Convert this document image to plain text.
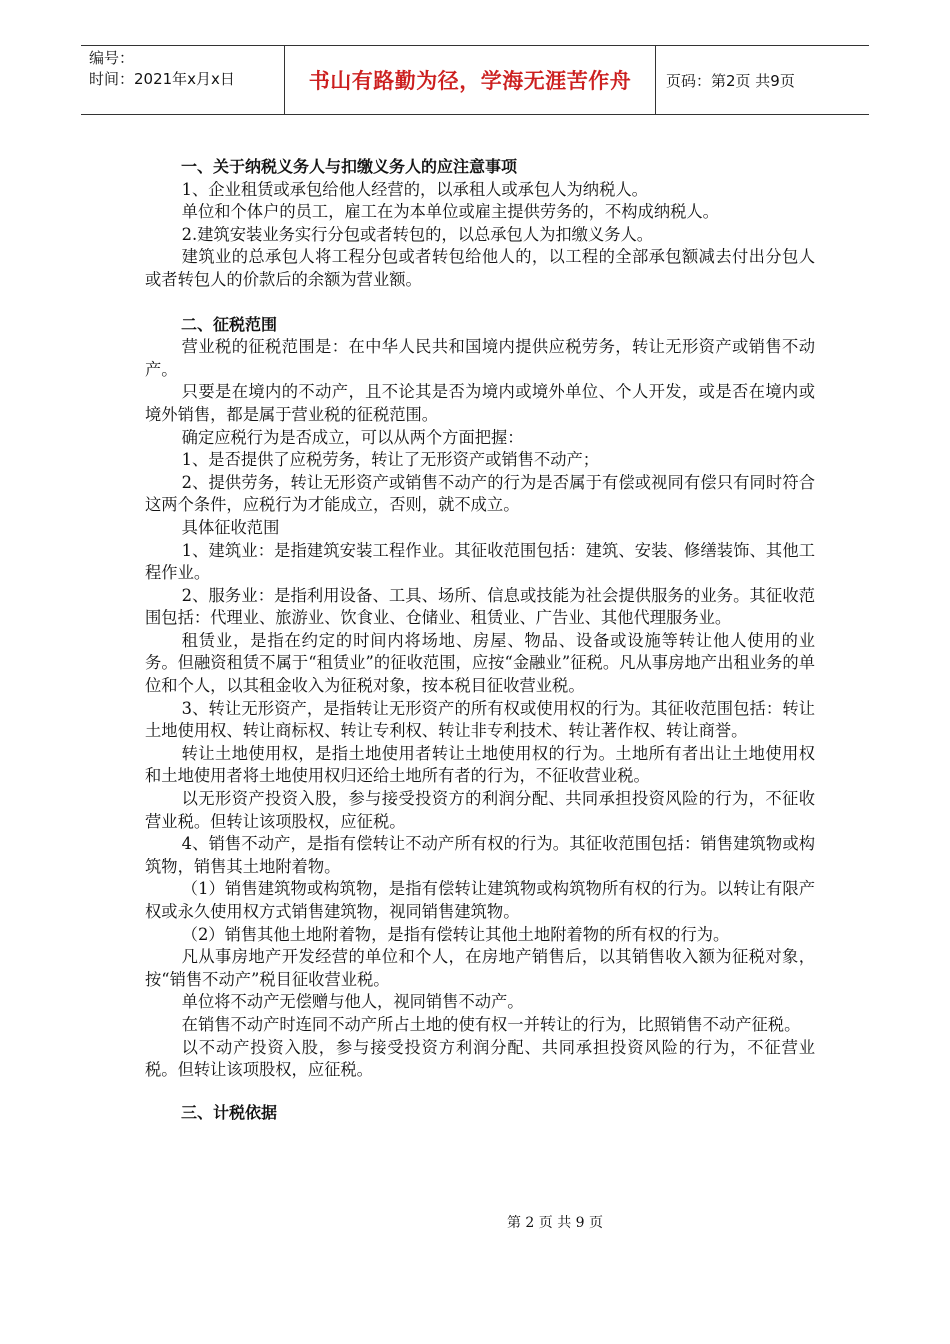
编号：
时间：2021年x月x日	书山有路勤为径，学海无涯苦作舟	页码：第2页 共9页

一、关于纳税义务人与扣缴义务人的应注意事项

1、企业租赁或承包给他人经营的，以承租人或承包人为纳税人。

单位和个体户的员工，雇工在为本单位或雇主提供劳务的，不构成纳税人。

2.建筑安装业务实行分包或者转包的，以总承包人为扣缴义务人。

建筑业的总承包人将工程分包或者转包给他人的，以工程的全部承包额减去付出分包人或者转包人的价款后的余额为营业额。

二、征税范围

营业税的征税范围是：在中华人民共和国境内提供应税劳务，转让无形资产或销售不动产。

只要是在境内的不动产，且不论其是否为境内或境外单位、个人开发，或是否在境内或境外销售，都是属于营业税的征税范围。

确定应税行为是否成立，可以从两个方面把握：

1、是否提供了应税劳务，转让了无形资产或销售不动产；

2、提供劳务，转让无形资产或销售不动产的行为是否属于有偿或视同有偿只有同时符合这两个条件，应税行为才能成立，否则，就不成立。

具体征收范围

1、建筑业：是指建筑安装工程作业。其征收范围包括：建筑、安装、修缮装饰、其他工程作业。

2、服务业：是指利用设备、工具、场所、信息或技能为社会提供服务的业务。其征收范围包括：代理业、旅游业、饮食业、仓储业、租赁业、广告业、其他代理服务业。

租赁业，是指在约定的时间内将场地、房屋、物品、设备或设施等转让他人使用的业务。但融资租赁不属于“租赁业”的征收范围，应按“金融业”征税。凡从事房地产出租业务的单位和个人，以其租金收入为征税对象，按本税目征收营业税。

3、转让无形资产，是指转让无形资产的所有权或使用权的行为。其征收范围包括：转让土地使用权、转让商标权、转让专利权、转让非专利技术、转让著作权、转让商誉。

转让土地使用权，是指土地使用者转让土地使用权的行为。土地所有者出让土地使用权和土地使用者将土地使用权归还给土地所有者的行为，不征收营业税。

以无形资产投资入股，参与接受投资方的利润分配、共同承担投资风险的行为，不征收营业税。但转让该项股权，应征税。

4、销售不动产，是指有偿转让不动产所有权的行为。其征收范围包括：销售建筑物或构筑物，销售其土地附着物。

（1）销售建筑物或构筑物，是指有偿转让建筑物或构筑物所有权的行为。以转让有限产权或永久使用权方式销售建筑物，视同销售建筑物。

（2）销售其他土地附着物，是指有偿转让其他土地附着物的所有权的行为。

凡从事房地产开发经营的单位和个人，在房地产销售后，以其销售收入额为征税对象，按“销售不动产”税目征收营业税。

单位将不动产无偿赠与他人，视同销售不动产。

在销售不动产时连同不动产所占土地的使有权一并转让的行为，比照销售不动产征税。

以不动产投资入股，参与接受投资方利润分配、共同承担投资风险的行为，不征营业税。但转让该项股权，应征税。

三、计税依据

第 2 页 共 9 页
